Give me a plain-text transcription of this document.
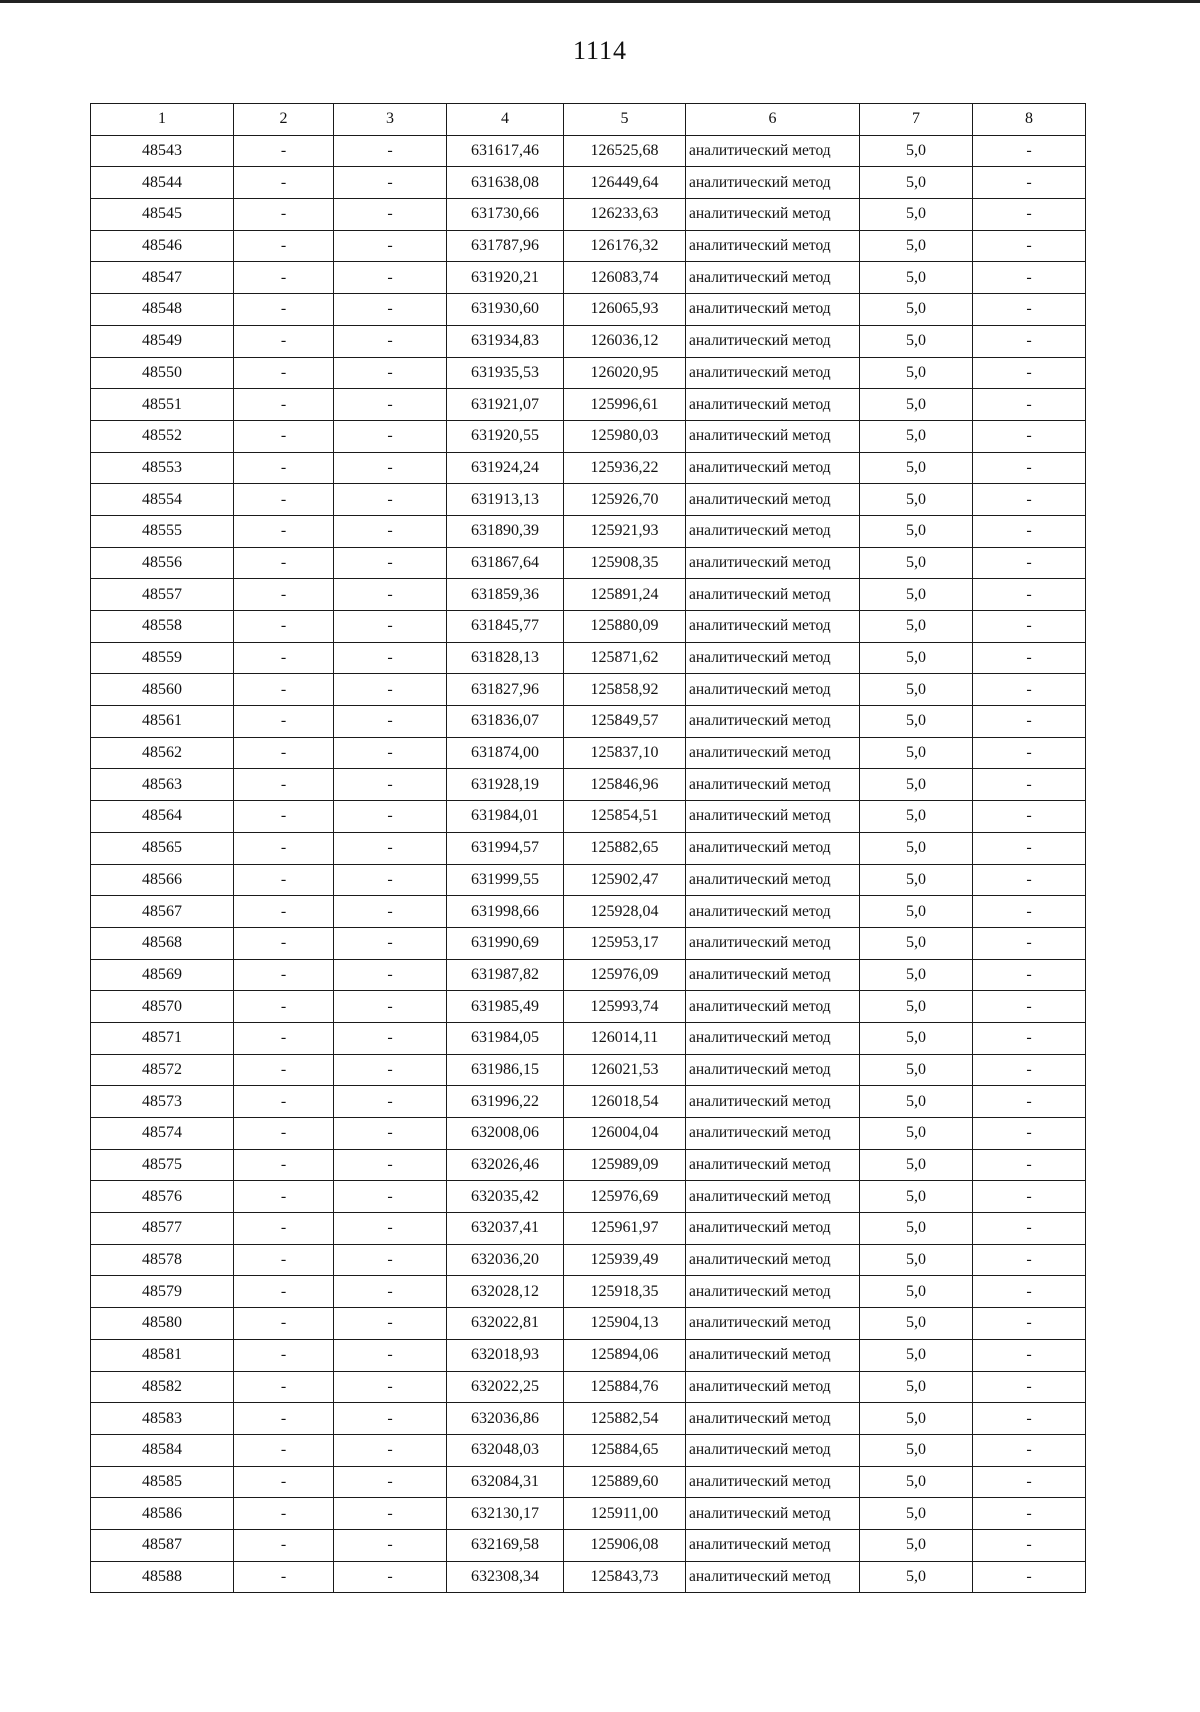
1114
1	2	3	4	5	6	7	8
48543	-	-	631617,46	126525,68	аналитический метод	5,0	-
48544	-	-	631638,08	126449,64	аналитический метод	5,0	-
48545	-	-	631730,66	126233,63	аналитический метод	5,0	-
48546	-	-	631787,96	126176,32	аналитический метод	5,0	-
48547	-	-	631920,21	126083,74	аналитический метод	5,0	-
48548	-	-	631930,60	126065,93	аналитический метод	5,0	-
48549	-	-	631934,83	126036,12	аналитический метод	5,0	-
48550	-	-	631935,53	126020,95	аналитический метод	5,0	-
48551	-	-	631921,07	125996,61	аналитический метод	5,0	-
48552	-	-	631920,55	125980,03	аналитический метод	5,0	-
48553	-	-	631924,24	125936,22	аналитический метод	5,0	-
48554	-	-	631913,13	125926,70	аналитический метод	5,0	-
48555	-	-	631890,39	125921,93	аналитический метод	5,0	-
48556	-	-	631867,64	125908,35	аналитический метод	5,0	-
48557	-	-	631859,36	125891,24	аналитический метод	5,0	-
48558	-	-	631845,77	125880,09	аналитический метод	5,0	-
48559	-	-	631828,13	125871,62	аналитический метод	5,0	-
48560	-	-	631827,96	125858,92	аналитический метод	5,0	-
48561	-	-	631836,07	125849,57	аналитический метод	5,0	-
48562	-	-	631874,00	125837,10	аналитический метод	5,0	-
48563	-	-	631928,19	125846,96	аналитический метод	5,0	-
48564	-	-	631984,01	125854,51	аналитический метод	5,0	-
48565	-	-	631994,57	125882,65	аналитический метод	5,0	-
48566	-	-	631999,55	125902,47	аналитический метод	5,0	-
48567	-	-	631998,66	125928,04	аналитический метод	5,0	-
48568	-	-	631990,69	125953,17	аналитический метод	5,0	-
48569	-	-	631987,82	125976,09	аналитический метод	5,0	-
48570	-	-	631985,49	125993,74	аналитический метод	5,0	-
48571	-	-	631984,05	126014,11	аналитический метод	5,0	-
48572	-	-	631986,15	126021,53	аналитический метод	5,0	-
48573	-	-	631996,22	126018,54	аналитический метод	5,0	-
48574	-	-	632008,06	126004,04	аналитический метод	5,0	-
48575	-	-	632026,46	125989,09	аналитический метод	5,0	-
48576	-	-	632035,42	125976,69	аналитический метод	5,0	-
48577	-	-	632037,41	125961,97	аналитический метод	5,0	-
48578	-	-	632036,20	125939,49	аналитический метод	5,0	-
48579	-	-	632028,12	125918,35	аналитический метод	5,0	-
48580	-	-	632022,81	125904,13	аналитический метод	5,0	-
48581	-	-	632018,93	125894,06	аналитический метод	5,0	-
48582	-	-	632022,25	125884,76	аналитический метод	5,0	-
48583	-	-	632036,86	125882,54	аналитический метод	5,0	-
48584	-	-	632048,03	125884,65	аналитический метод	5,0	-
48585	-	-	632084,31	125889,60	аналитический метод	5,0	-
48586	-	-	632130,17	125911,00	аналитический метод	5,0	-
48587	-	-	632169,58	125906,08	аналитический метод	5,0	-
48588	-	-	632308,34	125843,73	аналитический метод	5,0	-
